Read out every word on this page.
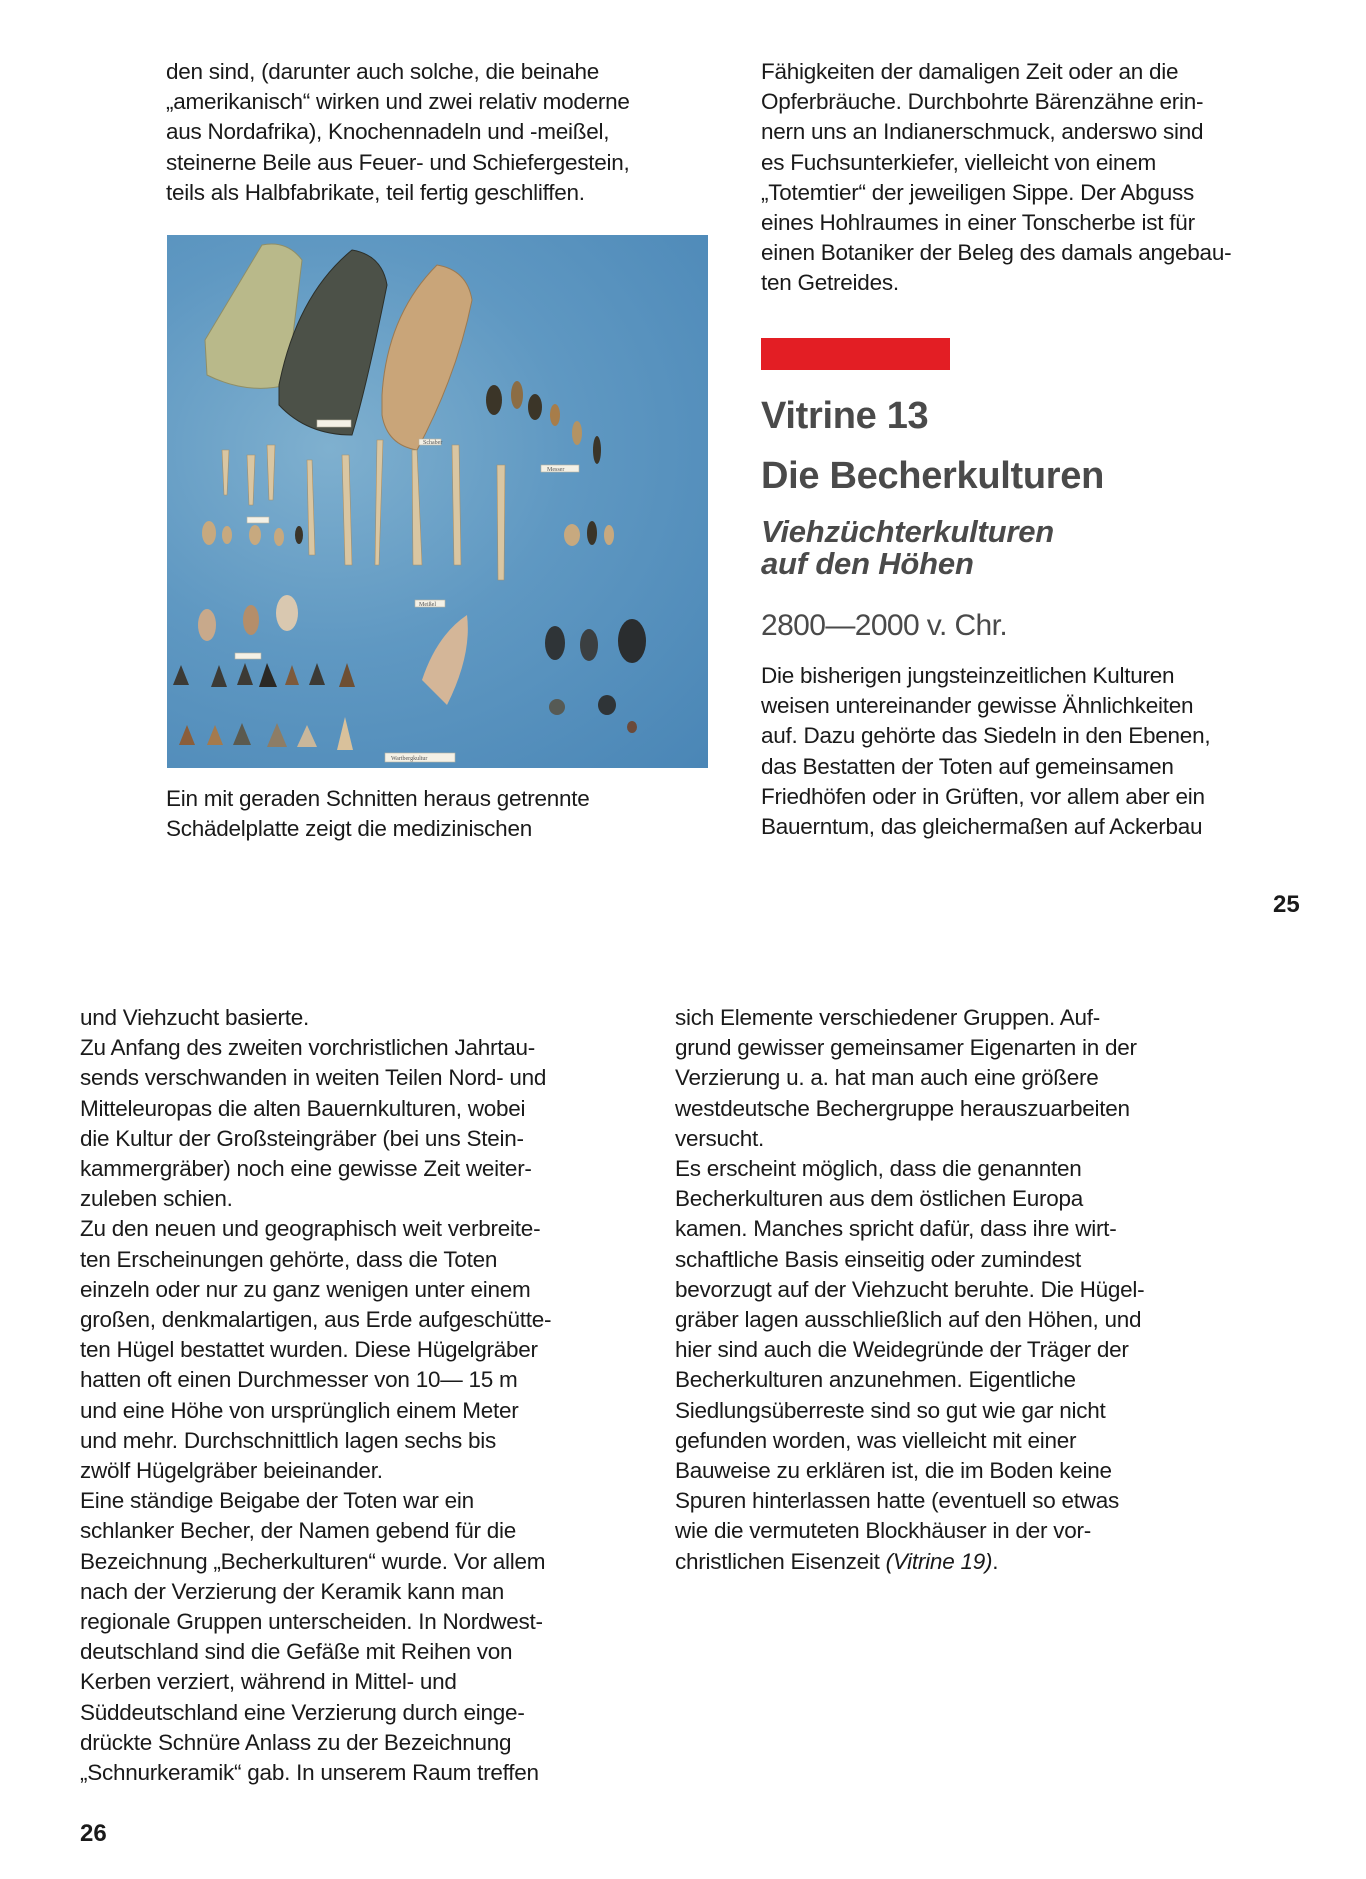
den sind, (darunter auch solche, die beinahe
„amerikanisch“ wirken und zwei relativ moderne
aus Nordafrika), Knochennadeln und -meißel,
steinerne Beile aus Feuer- und Schiefergestein,
teils als Halbfabrikate, teil fertig geschliffen.
Schaber
Messer
Meißel
Wartbergkultur
Ein mit geraden Schnitten heraus getrennte
Schädelplatte zeigt die medizinischen
Fähigkeiten der damaligen Zeit oder an die
Opferbräuche. Durchbohrte Bärenzähne erin-
nern uns an Indianerschmuck, anderswo sind
es Fuchsunterkiefer, vielleicht von einem
„Totemtier“ der jeweiligen Sippe. Der Abguss
eines Hohlraumes in einer Tonscherbe ist für
einen Botaniker der Beleg des damals angebau-
ten Getreides.
Vitrine 13
Die Becherkulturen
Viehzüchterkulturen
auf den Höhen
2800—2000 v. Chr.
Die bisherigen jungsteinzeitlichen Kulturen
weisen untereinander gewisse Ähnlichkeiten
auf. Dazu gehörte das Siedeln in den Ebenen,
das Bestatten der Toten auf gemeinsamen
Friedhöfen oder in Grüften, vor allem aber ein
Bauerntum, das gleichermaßen auf Ackerbau
25
und Viehzucht basierte.
Zu Anfang des zweiten vorchristlichen Jahrtau-
sends verschwanden in weiten Teilen Nord- und
Mitteleuropas die alten Bauernkulturen, wobei
die Kultur der Großsteingräber (bei uns Stein-
kammergräber) noch eine gewisse Zeit weiter-
zuleben schien.
Zu den neuen und geographisch weit verbreite-
ten Erscheinungen gehörte, dass die Toten
einzeln oder nur zu ganz wenigen unter einem
großen, denkmalartigen, aus Erde aufgeschütte-
ten Hügel bestattet wurden. Diese Hügelgräber
hatten oft einen Durchmesser von 10— 15 m
und eine Höhe von ursprünglich einem Meter
und mehr. Durchschnittlich lagen sechs bis
zwölf Hügelgräber beieinander.
Eine ständige Beigabe der Toten war ein
schlanker Becher, der Namen gebend für die
Bezeichnung „Becherkulturen“ wurde. Vor allem
nach der Verzierung der Keramik kann man
regionale Gruppen unterscheiden. In Nordwest-
deutschland sind die Gefäße mit Reihen von
Kerben verziert, während in Mittel- und
Süddeutschland eine Verzierung durch einge-
drückte Schnüre Anlass zu der Bezeichnung
„Schnurkeramik“ gab. In unserem Raum treffen
sich Elemente verschiedener Gruppen. Auf-
grund gewisser gemeinsamer Eigenarten in der
Verzierung u. a. hat man auch eine größere
westdeutsche Bechergruppe herauszuarbeiten
versucht.
Es erscheint möglich, dass die genannten
Becherkulturen aus dem östlichen Europa
kamen. Manches spricht dafür, dass ihre wirt-
schaftliche Basis einseitig oder zumindest
bevorzugt auf der Viehzucht beruhte. Die Hügel-
gräber lagen ausschließlich auf den Höhen, und
hier sind auch die Weidegründe der Träger der
Becherkulturen anzunehmen. Eigentliche
Siedlungsüberreste sind so gut wie gar nicht
gefunden worden, was vielleicht mit einer
Bauweise zu erklären ist, die im Boden keine
Spuren hinterlassen hatte (eventuell so etwas
wie die vermuteten Blockhäuser in der vor-
christlichen Eisenzeit (Vitrine 19).
26
